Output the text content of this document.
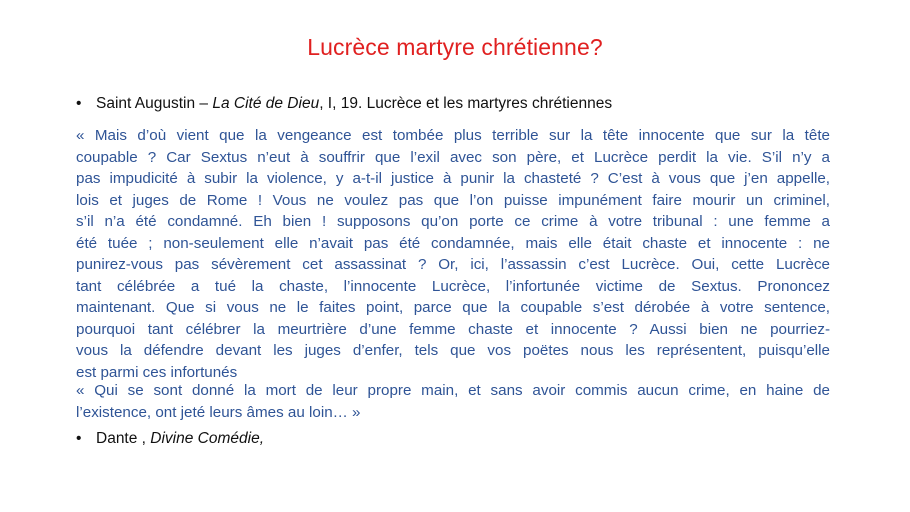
Lucrèce martyre chrétienne?
• Saint Augustin – La Cité de Dieu, I, 19. Lucrèce et les martyres chrétiennes
« Mais d’où vient que la vengeance est tombée plus terrible sur la tête innocente que sur la tête
coupable ? Car Sextus n’eut à souffrir que l’exil avec son père, et Lucrèce perdit la vie. S’il n’y a
pas impudicité à subir la violence, y a-t-il justice à punir la chasteté ? C’est à vous que j’en appelle,
lois et juges de Rome ! Vous ne voulez pas que l’on puisse impunément faire mourir un criminel,
s’il n’a été condamné. Eh bien ! supposons qu’on porte ce crime à votre tribunal : une femme a
été tuée ; non-seulement elle n’avait pas été condamnée, mais elle était chaste et innocente : ne
punirez-vous pas sévèrement cet assassinat ? Or, ici, l’assassin c’est Lucrèce. Oui, cette Lucrèce
tant célébrée a tué la chaste, l’innocente Lucrèce, l’infortunée victime de Sextus. Prononcez
maintenant. Que si vous ne le faites point, parce que la coupable s’est dérobée à votre sentence,
pourquoi tant célébrer la meurtrière d’une femme chaste et innocente ? Aussi bien ne pourriez-
vous la défendre devant les juges d’enfer, tels que vos poëtes nous les représentent, puisqu’elle
est parmi ces infortunés
« Qui se sont donné la mort de leur propre main, et sans avoir commis aucun crime, en haine de
l’existence, ont jeté leurs âmes au loin… »
• Dante , Divine Comédie,
